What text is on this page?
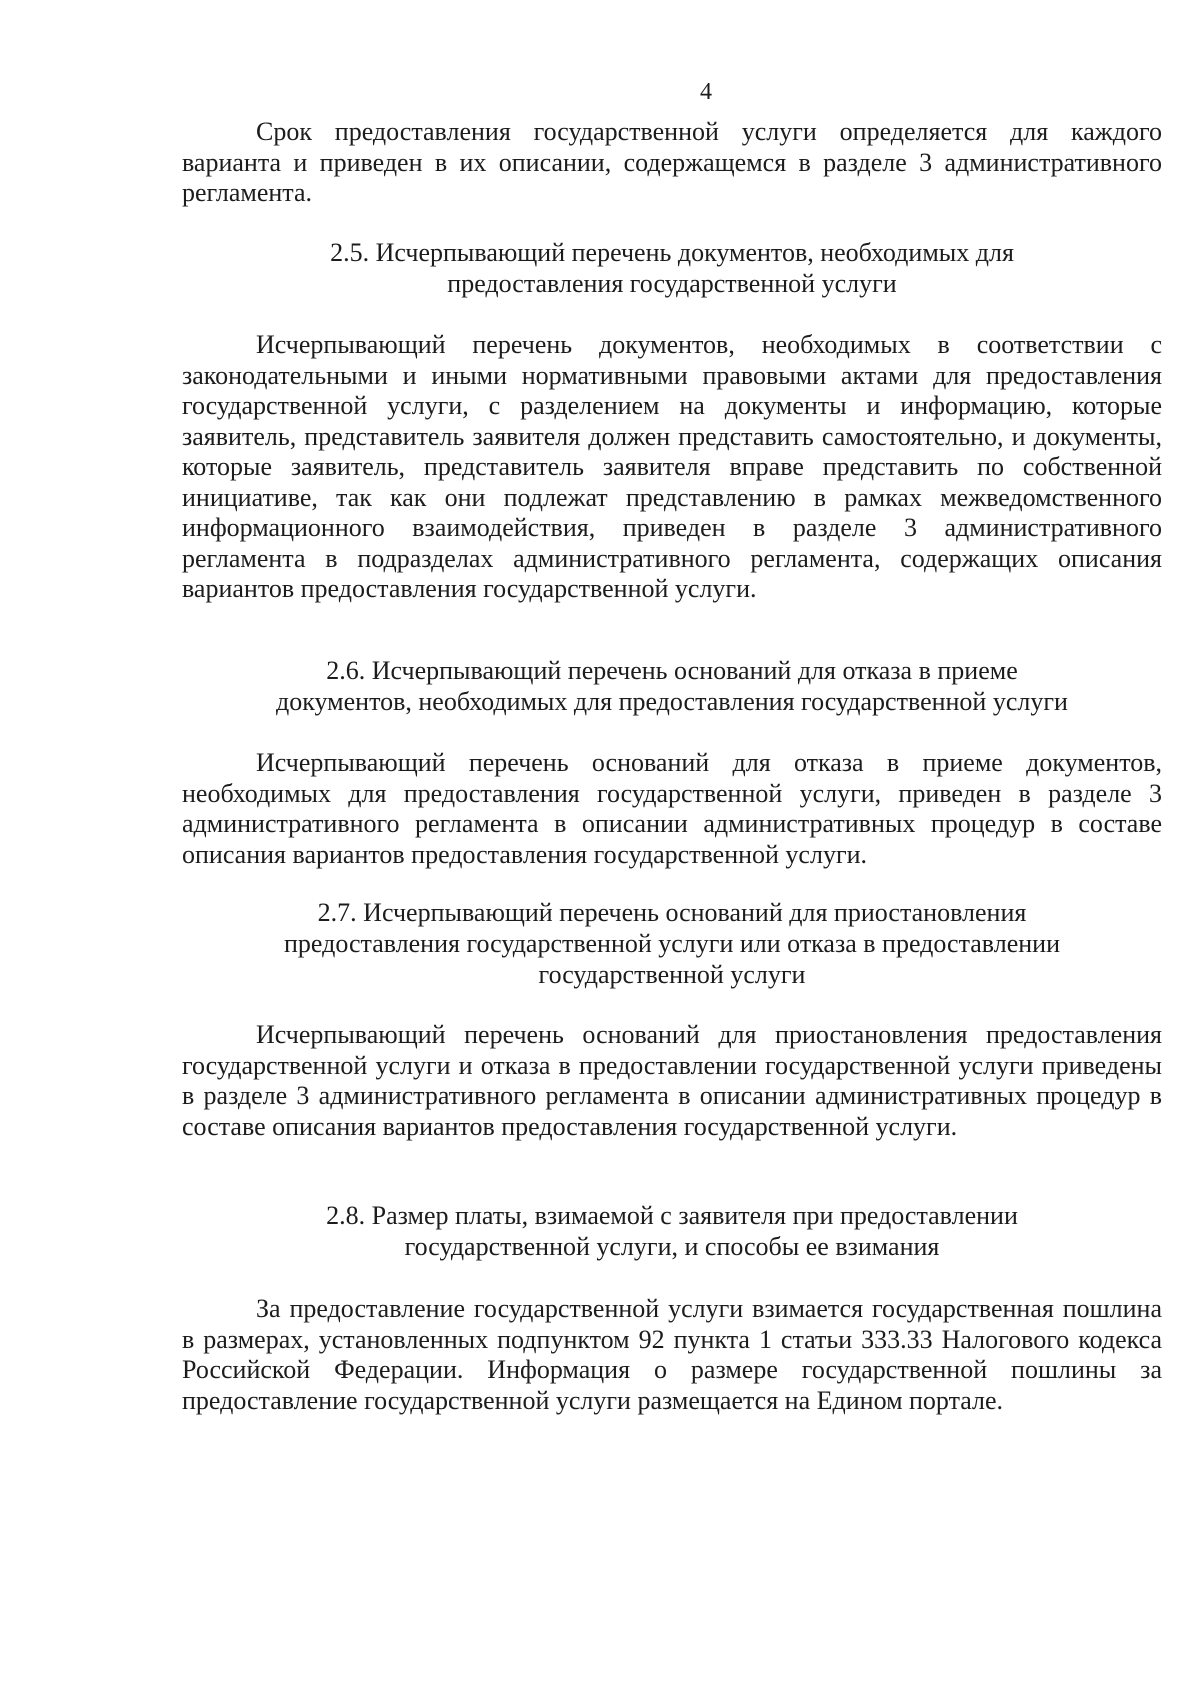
4

Срок предоставления государственной услуги определяется для каждого варианта и приведен в их описании, содержащемся в разделе 3 административного регламента.

2.5. Исчерпывающий перечень документов, необходимых для
предоставления государственной услуги

Исчерпывающий перечень документов, необходимых в соответствии с законодательными и иными нормативными правовыми актами для предоставления государственной услуги, с разделением на документы и информацию, которые заявитель, представитель заявителя должен представить самостоятельно, и документы, которые заявитель, представитель заявителя вправе представить по собственной инициативе, так как они подлежат представлению в рамках межведомственного информационного взаимодействия, приведен в разделе 3 административного регламента в подразделах административного регламента, содержащих описания вариантов предоставления государственной услуги.

2.6. Исчерпывающий перечень оснований для отказа в приеме
документов, необходимых для предоставления государственной услуги

Исчерпывающий перечень оснований для отказа в приеме документов, необходимых для предоставления государственной услуги, приведен в разделе 3 административного регламента в описании административных процедур в составе описания вариантов предоставления государственной услуги.

2.7. Исчерпывающий перечень оснований для приостановления
предоставления государственной услуги или отказа в предоставлении
государственной услуги

Исчерпывающий перечень оснований для приостановления предоставления государственной услуги и отказа в предоставлении государственной услуги приведены в разделе 3 административного регламента в описании административных процедур в составе описания вариантов предоставления государственной услуги.

2.8. Размер платы, взимаемой с заявителя при предоставлении
государственной услуги, и способы ее взимания

За предоставление государственной услуги взимается государственная пошлина в размерах, установленных подпунктом 92 пункта 1 статьи 333.33 Налогового кодекса Российской Федерации. Информация о размере государственной пошлины за предоставление государственной услуги размещается на Едином портале.
